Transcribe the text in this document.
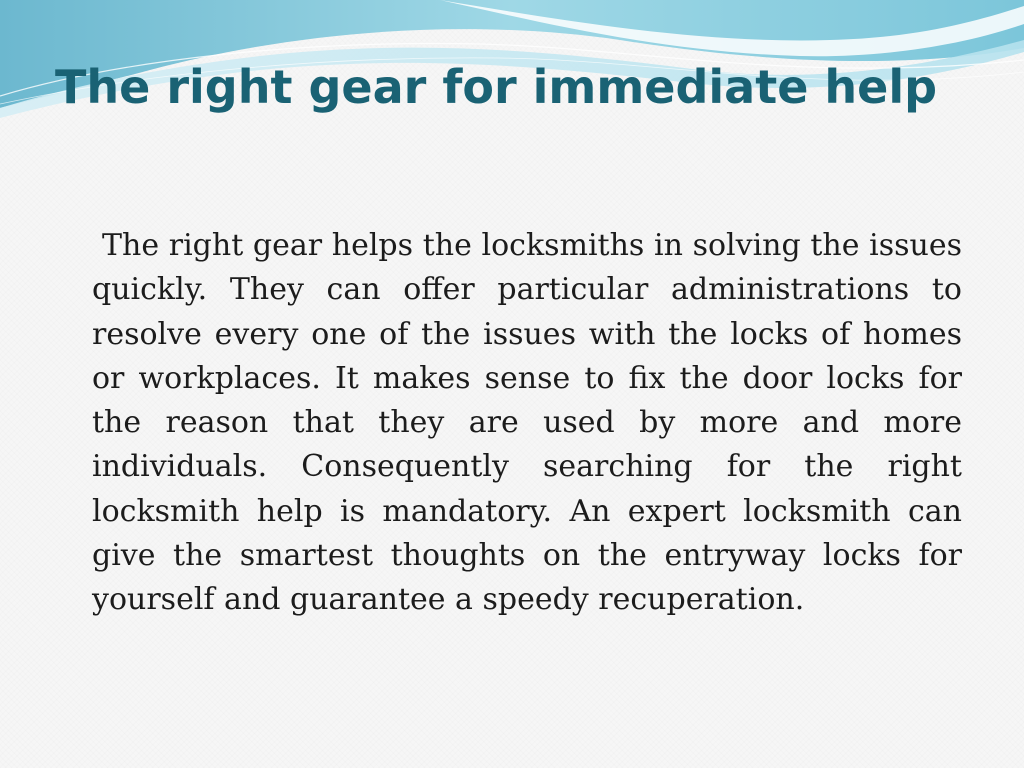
The right gear for immediate help

The right gear helps the locksmiths in solving the issues quickly. They can offer particular administrations to resolve every one of the issues with the locks of homes or workplaces. It makes sense to fix the door locks for the reason that they are used by more and more individuals. Consequently searching for the right locksmith help is mandatory. An expert locksmith can give the smartest thoughts on the entryway locks for yourself and guarantee a speedy recuperation.
